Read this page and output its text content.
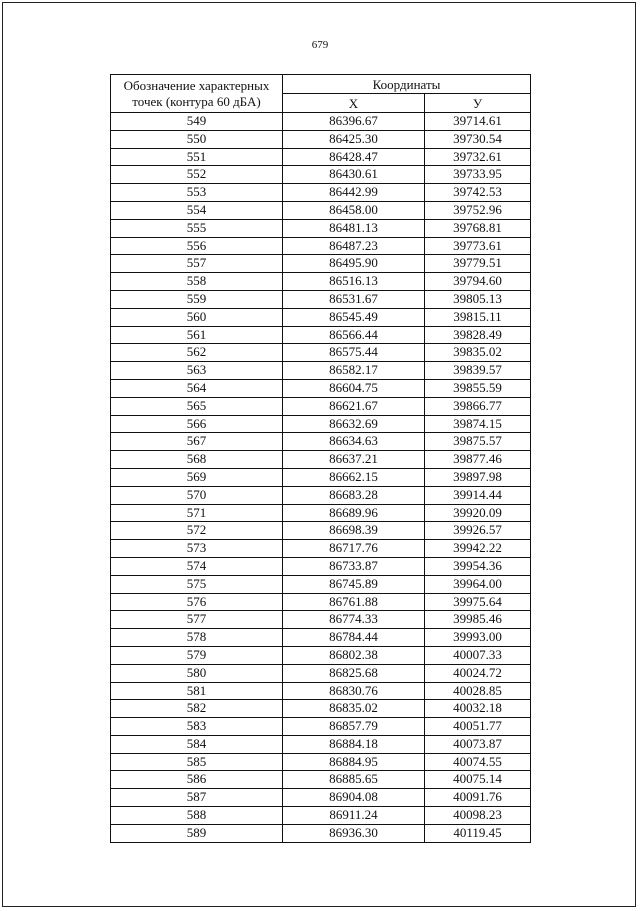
679
Обозначение характерных точек (контура 60 дБА)	Координаты	
	X	У
549	86396.67	39714.61
550	86425.30	39730.54
551	86428.47	39732.61
552	86430.61	39733.95
553	86442.99	39742.53
554	86458.00	39752.96
555	86481.13	39768.81
556	86487.23	39773.61
557	86495.90	39779.51
558	86516.13	39794.60
559	86531.67	39805.13
560	86545.49	39815.11
561	86566.44	39828.49
562	86575.44	39835.02
563	86582.17	39839.57
564	86604.75	39855.59
565	86621.67	39866.77
566	86632.69	39874.15
567	86634.63	39875.57
568	86637.21	39877.46
569	86662.15	39897.98
570	86683.28	39914.44
571	86689.96	39920.09
572	86698.39	39926.57
573	86717.76	39942.22
574	86733.87	39954.36
575	86745.89	39964.00
576	86761.88	39975.64
577	86774.33	39985.46
578	86784.44	39993.00
579	86802.38	40007.33
580	86825.68	40024.72
581	86830.76	40028.85
582	86835.02	40032.18
583	86857.79	40051.77
584	86884.18	40073.87
585	86884.95	40074.55
586	86885.65	40075.14
587	86904.08	40091.76
588	86911.24	40098.23
589	86936.30	40119.45
